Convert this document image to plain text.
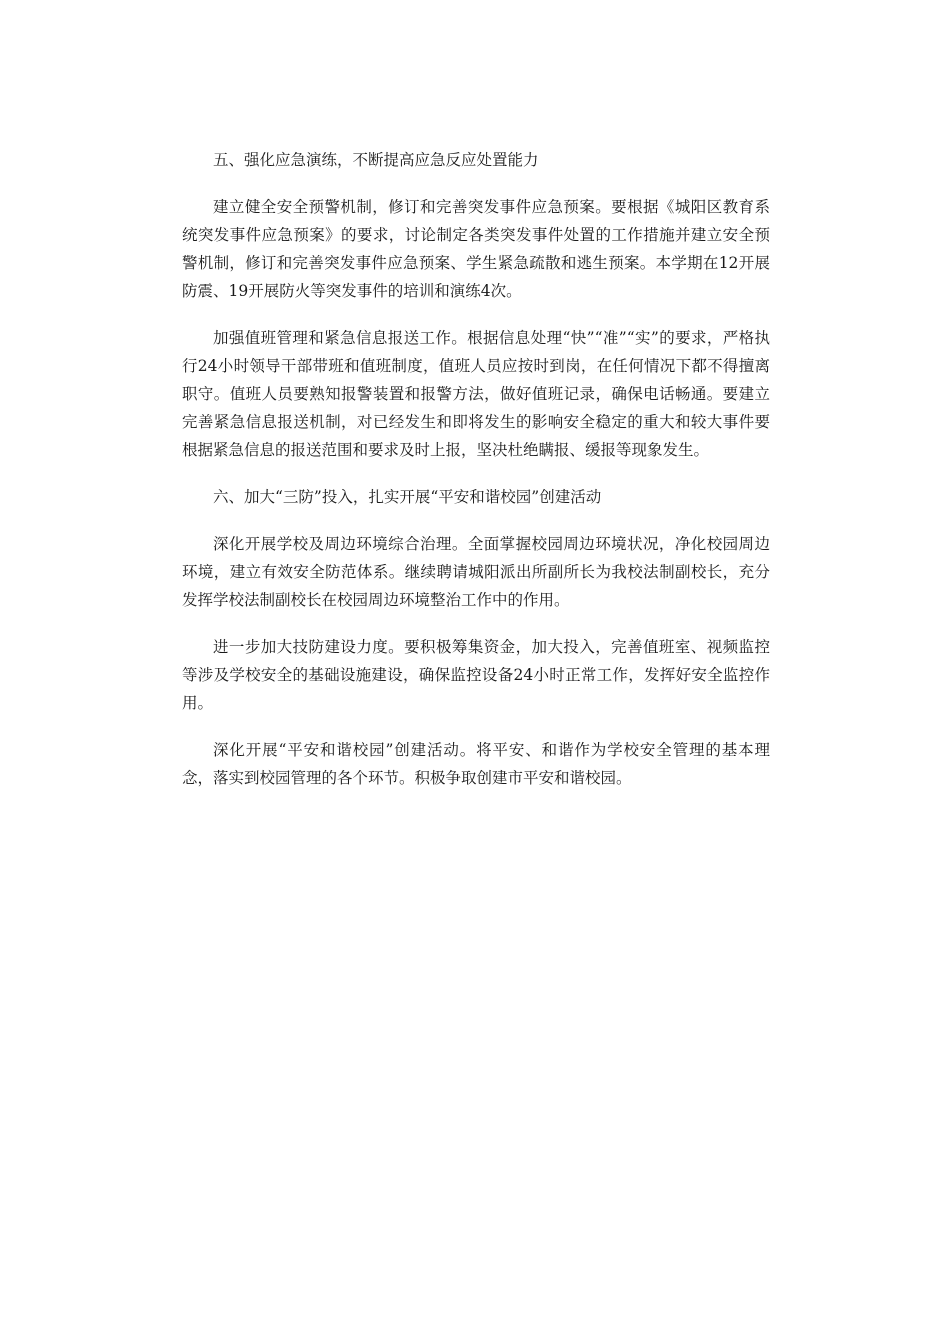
五、强化应急演练，不断提高应急反应处置能力

建立健全安全预警机制，修订和完善突发事件应急预案。要根据《城阳区教育系统突发事件应急预案》的要求，讨论制定各类突发事件处置的工作措施并建立安全预警机制，修订和完善突发事件应急预案、学生紧急疏散和逃生预案。本学期在12开展防震、19开展防火等突发事件的培训和演练4次。

加强值班管理和紧急信息报送工作。根据信息处理“快”“准”“实”的要求，严格执行24小时领导干部带班和值班制度，值班人员应按时到岗，在任何情况下都不得擅离职守。值班人员要熟知报警装置和报警方法，做好值班记录，确保电话畅通。要建立完善紧急信息报送机制，对已经发生和即将发生的影响安全稳定的重大和较大事件要根据紧急信息的报送范围和要求及时上报，坚决杜绝瞒报、缓报等现象发生。

六、加大“三防”投入，扎实开展“平安和谐校园”创建活动

深化开展学校及周边环境综合治理。全面掌握校园周边环境状况，净化校园周边环境，建立有效安全防范体系。继续聘请城阳派出所副所长为我校法制副校长，充分发挥学校法制副校长在校园周边环境整治工作中的作用。

进一步加大技防建设力度。要积极筹集资金，加大投入，完善值班室、视频监控等涉及学校安全的基础设施建设，确保监控设备24小时正常工作，发挥好安全监控作用。

深化开展“平安和谐校园”创建活动。将平安、和谐作为学校安全管理的基本理念，落实到校园管理的各个环节。积极争取创建市平安和谐校园。
